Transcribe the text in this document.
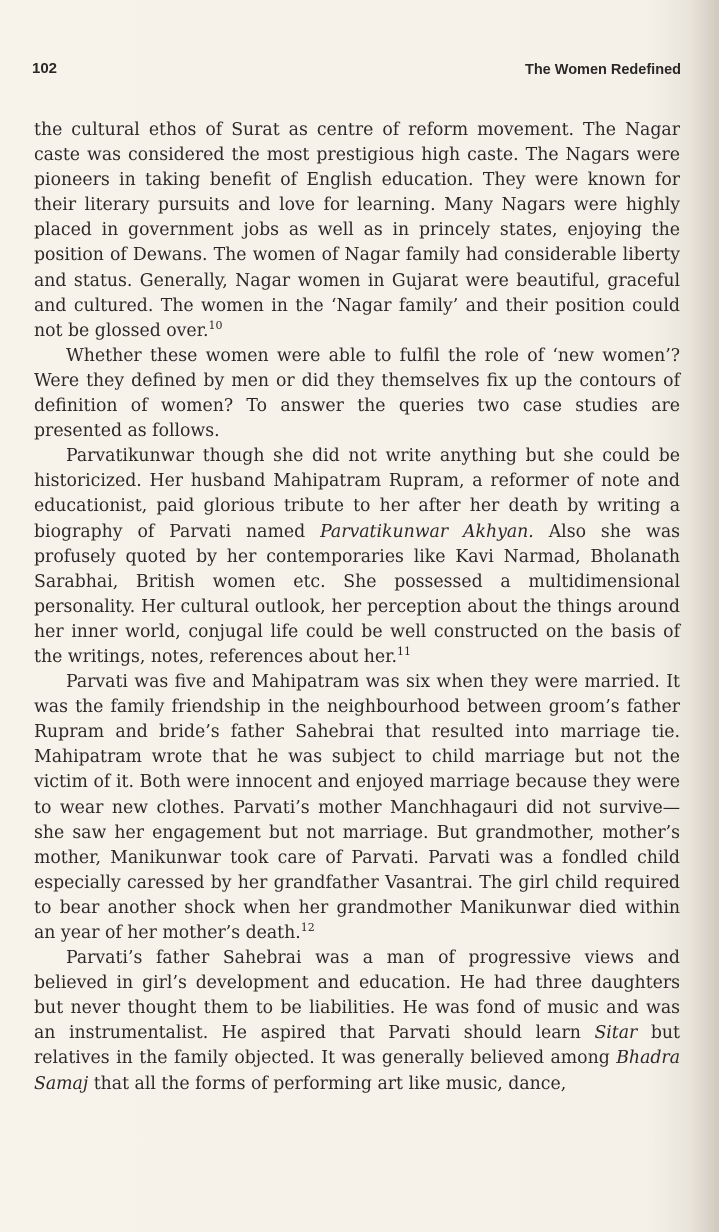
102	The Women Redefined

the cultural ethos of Surat as centre of reform movement. The Nagar caste was considered the most prestigious high caste. The Nagars were pioneers in taking benefit of English education. They were known for their literary pursuits and love for learning. Many Nagars were highly placed in government jobs as well as in princely states, enjoying the position of Dewans. The women of Nagar family had considerable liberty and status. Generally, Nagar women in Gujarat were beautiful, graceful and cultured. The women in the ‘Nagar family’ and their position could not be glossed over.$^{10}$

Whether these women were able to fulfil the role of ‘new women’? Were they defined by men or did they themselves fix up the contours of definition of women? To answer the queries two case studies are presented as follows.

Parvatikunwar though she did not write anything but she could be historicized. Her husband Mahipatram Rupram, a reformer of note and educationist, paid glorious tribute to her after her death by writing a biography of Parvati named Parvatikunwar Akhyan. Also she was profusely quoted by her contemporaries like Kavi Narmad, Bholanath Sarabhai, British women etc. She possessed a multidimensional personality. Her cultural outlook, her perception about the things around her inner world, conjugal life could be well constructed on the basis of the writings, notes, references about her.$^{11}$

Parvati was five and Mahipatram was six when they were married. It was the family friendship in the neighbourhood between groom’s father Rupram and bride’s father Sahebrai that resulted into marriage tie. Mahipatram wrote that he was subject to child marriage but not the victim of it. Both were innocent and enjoyed marriage because they were to wear new clothes. Parvati’s mother Manchhagauri did not survive—she saw her engagement but not marriage. But grandmother, mother’s mother, Manikunwar took care of Parvati. Parvati was a fondled child especially caressed by her grandfather Vasantrai. The girl child required to bear another shock when her grandmother Manikunwar died within an year of her mother’s death.$^{12}$

Parvati’s father Sahebrai was a man of progressive views and believed in girl’s development and education. He had three daughters but never thought them to be liabilities. He was fond of music and was an instrumentalist. He aspired that Parvati should learn Sitar but relatives in the family objected. It was generally believed among Bhadra Samaj that all the forms of performing art like music, dance,
